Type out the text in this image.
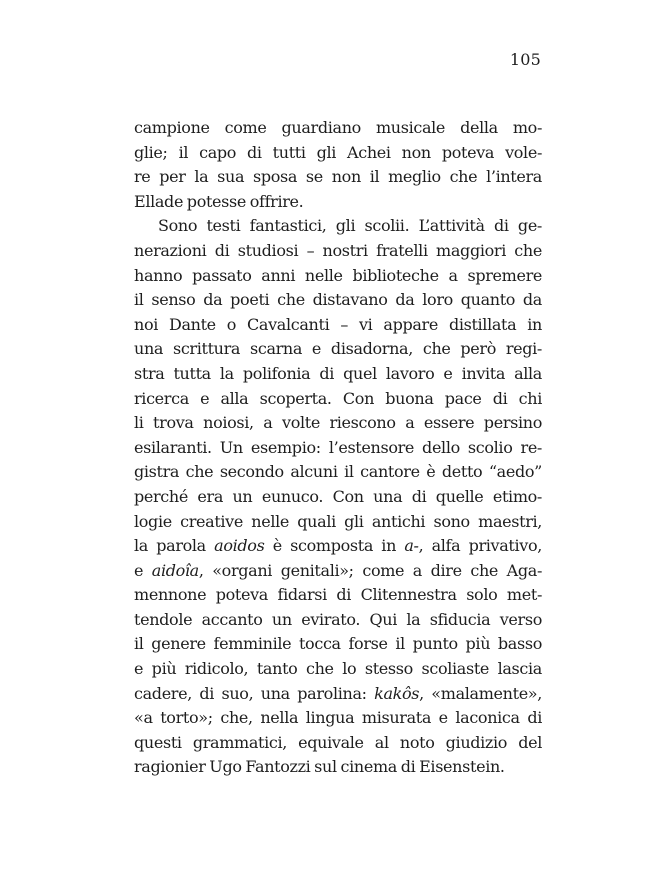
105
campione come guardiano musicale della mo-
glie; il capo di tutti gli Achei non poteva vole-
re per la sua sposa se non il meglio che l’intera
Ellade potesse offrire.
Sono testi fantastici, gli scolii. L’attività di ge-
nerazioni di studiosi – nostri fratelli maggiori che
hanno passato anni nelle biblioteche a spremere
il senso da poeti che distavano da loro quanto da
noi Dante o Cavalcanti – vi appare distillata in
una scrittura scarna e disadorna, che però regi-
stra tutta la polifonia di quel lavoro e invita alla
ricerca e alla scoperta. Con buona pace di chi
li trova noiosi, a volte riescono a essere persino
esilaranti. Un esempio: l’estensore dello scolio re-
gistra che secondo alcuni il cantore è detto “aedo”
perché era un eunuco. Con una di quelle etimo-
logie creative nelle quali gli antichi sono maestri,
la parola aoidos è scomposta in a-, alfa privativo,
e aidoîa, «organi genitali»; come a dire che Aga-
mennone poteva fidarsi di Clitennestra solo met-
tendole accanto un evirato. Qui la sfiducia verso
il genere femminile tocca forse il punto più basso
e più ridicolo, tanto che lo stesso scoliaste lascia
cadere, di suo, una parolina: kakôs, «malamente»,
«a torto»; che, nella lingua misurata e laconica di
questi grammatici, equivale al noto giudizio del
ragionier Ugo Fantozzi sul cinema di Eisenstein.
